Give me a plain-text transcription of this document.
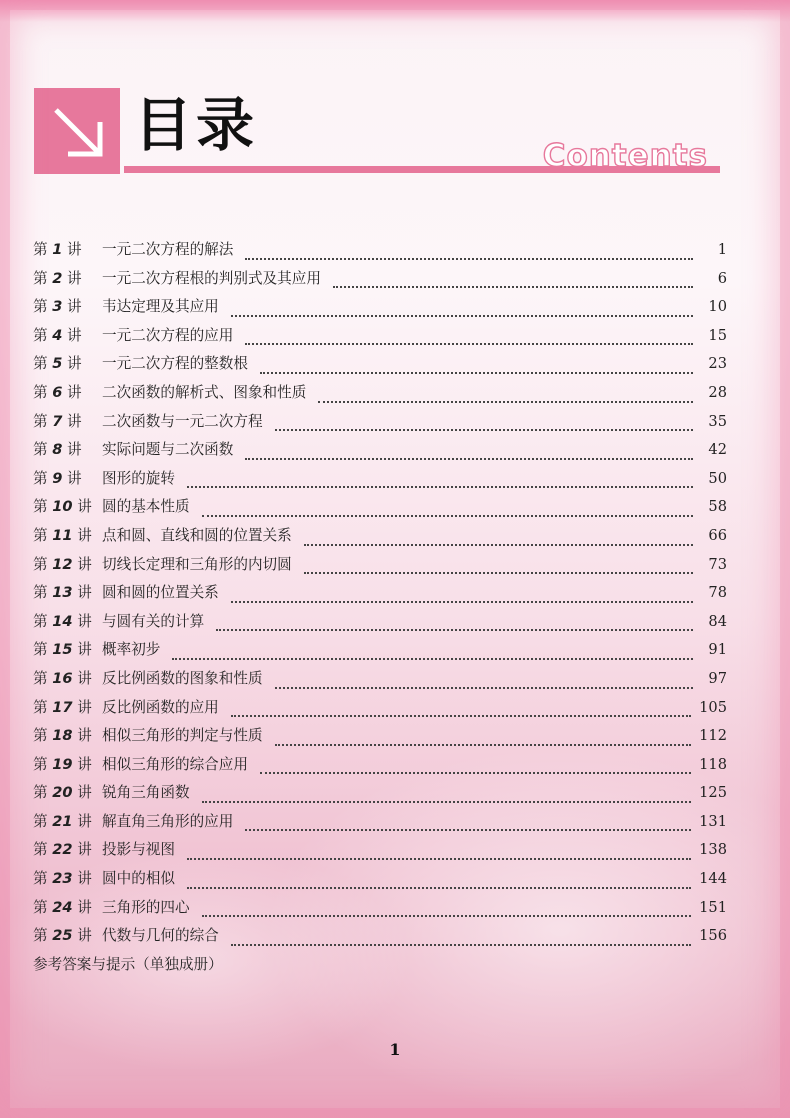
目录	Contents
第 1 讲	一元二次方程的解法	1
第 2 讲	一元二次方程根的判别式及其应用	6
第 3 讲	韦达定理及其应用	10
第 4 讲	一元二次方程的应用	15
第 5 讲	一元二次方程的整数根	23
第 6 讲	二次函数的解析式、图象和性质	28
第 7 讲	二次函数与一元二次方程	35
第 8 讲	实际问题与二次函数	42
第 9 讲	图形的旋转	50
第 10 讲 圆的基本性质	58
第 11 讲 点和圆、直线和圆的位置关系	66
第 12 讲 切线长定理和三角形的内切圆	73
第 13 讲 圆和圆的位置关系	78
第 14 讲 与圆有关的计算	84
第 15 讲 概率初步	91
第 16 讲 反比例函数的图象和性质	97
第 17 讲 反比例函数的应用	105
第 18 讲 相似三角形的判定与性质	112
第 19 讲 相似三角形的综合应用	118
第 20 讲 锐角三角函数	125
第 21 讲 解直角三角形的应用	131
第 22 讲 投影与视图	138
第 23 讲 圆中的相似	144
第 24 讲 三角形的四心	151
第 25 讲 代数与几何的综合	156
参考答案与提示（单独成册）
1
